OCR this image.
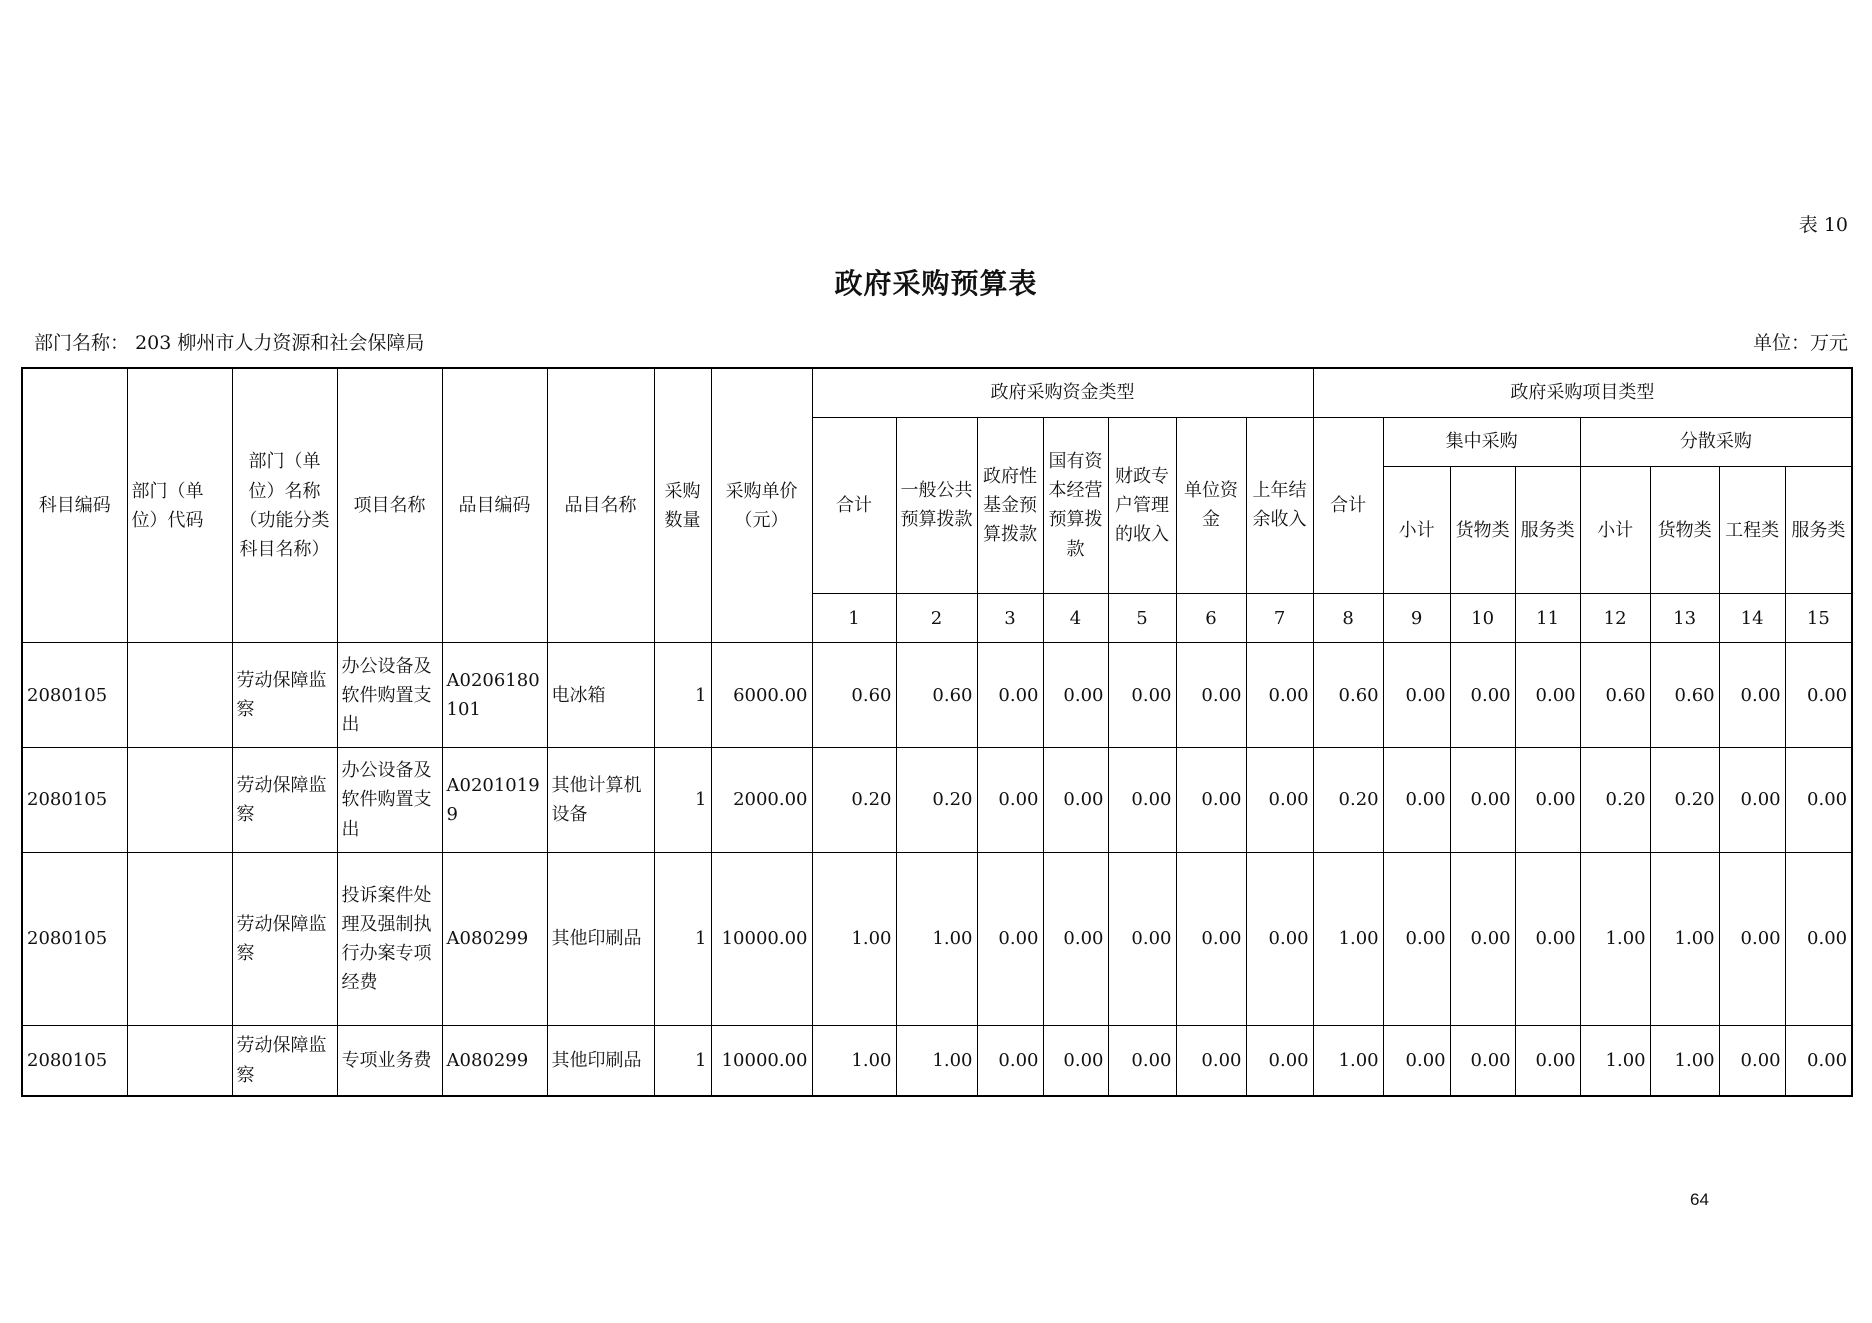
表 10
政府采购预算表
部门名称： 203 柳州市人力资源和社会保障局	单位：万元
科目编码	部门（单位）代码	部门（单位）名称（功能分类科目名称）	项目名称	品目编码	品目名称	采购数量	采购单价（元）	政府采购资金类型							政府采购项目类型							
								合计	一般公共预算拨款	政府性基金预算拨款	国有资本经营预算拨款	财政专户管理的收入	单位资金	上年结余收入	合计	集中采购			分散采购			
																小计	货物类	服务类	小计	货物类	工程类	服务类
								1	2	3	4	5	6	7	8	9	10	11	12	13	14	15
2080105		劳动保障监察	办公设备及软件购置支出	A0206180101	电冰箱	1	6000.00	0.60	0.60	0.00	0.00	0.00	0.00	0.00	0.60	0.00	0.00	0.00	0.60	0.60	0.00	0.00
2080105		劳动保障监察	办公设备及软件购置支出	A02010199	其他计算机设备	1	2000.00	0.20	0.20	0.00	0.00	0.00	0.00	0.00	0.20	0.00	0.00	0.00	0.20	0.20	0.00	0.00
2080105		劳动保障监察	投诉案件处理及强制执行办案专项经费	A080299	其他印刷品	1	10000.00	1.00	1.00	0.00	0.00	0.00	0.00	0.00	1.00	0.00	0.00	0.00	1.00	1.00	0.00	0.00
2080105		劳动保障监察	专项业务费	A080299	其他印刷品	1	10000.00	1.00	1.00	0.00	0.00	0.00	0.00	0.00	1.00	0.00	0.00	0.00	1.00	1.00	0.00	0.00
64
